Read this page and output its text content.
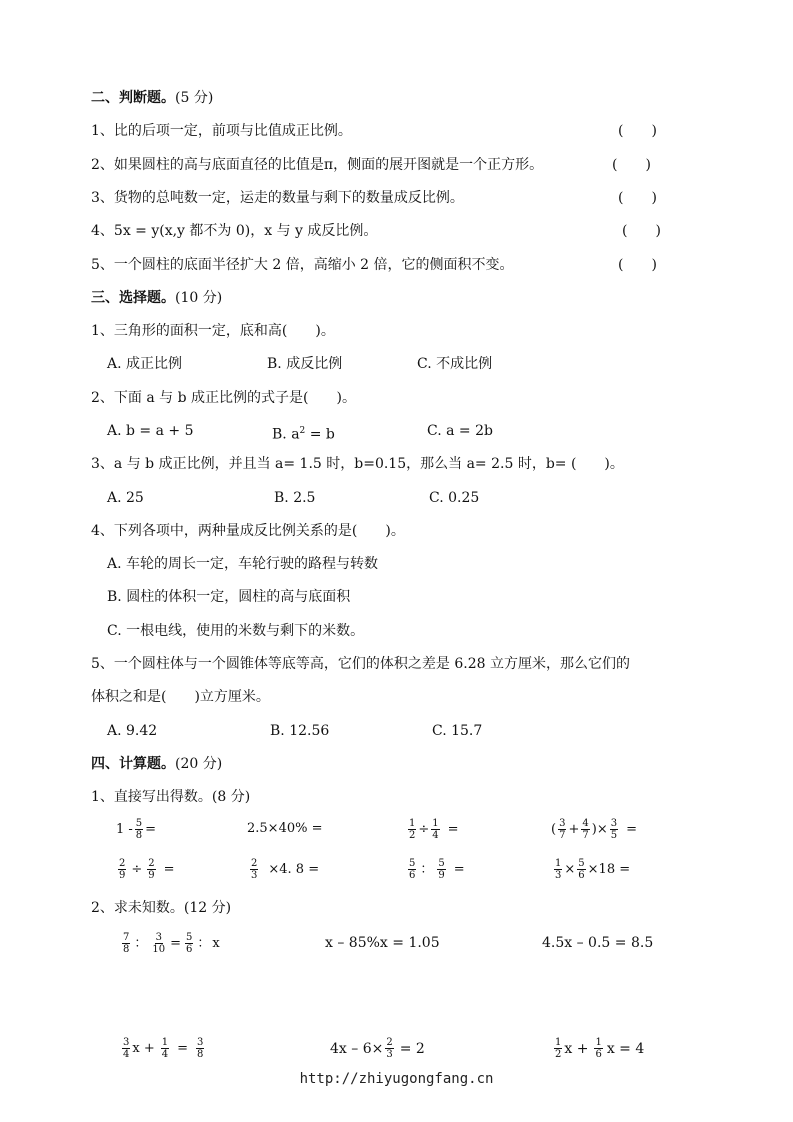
二、判断题。(5 分)
1、比的后项一定，前项与比值成正比例。	(　　)
2、如果圆柱的高与底面直径的比值是π，侧面的展开图就是一个正方形。	(　　)
3、货物的总吨数一定，运走的数量与剩下的数量成反比例。	(　　)
4、5x = y(x,y 都不为 0)，x 与 y 成反比例。	(　　)
5、一个圆柱的底面半径扩大 2 倍，高缩小 2 倍，它的侧面积不变。	(　　)
三、选择题。(10 分)
1、三角形的面积一定，底和高(　　)。
A. 成正比例	B. 成反比例	C. 不成比例
2、下面 a 与 b 成正比例的式子是(　　)。
A. b = a + 5	B. $a^2 = b$	C. a = 2b
3、a 与 b 成正比例，并且当 a= 1.5 时，b=0.15，那么当 a= 2.5 时，b= (　　)。
A. 25	B. 2.5	C. 0.25
4、下列各项中，两种量成反比例关系的是(　　)。
A. 车轮的周长一定，车轮行驶的路程与转数
B. 圆柱的体积一定，圆柱的高与底面积
C. 一根电线，使用的米数与剩下的米数。
5、一个圆柱体与一个圆锥体等底等高，它们的体积之差是 6.28 立方厘米，那么它们的
体积之和是(　　)立方厘米。
A. 9.42	B. 12.56	C. 15.7
四、计算题。(20 分)
1、直接写出得数。(8 分)
$1 - \frac{5}{8}$ =	2.5×40% =	$\frac{1}{2} \div \frac{1}{4}$ =	( $\frac{3}{7} + \frac{4}{7}$ ) × $\frac{3}{5}$ =
$\frac{2}{9} \div \frac{2}{9}$ =	$\frac{2}{3} \times 4$. 8 =	$\frac{5}{6}$ ： $\frac{5}{9}$ =	$\frac{1}{3} \times \frac{5}{6} \times 18$ =
2、求未知数。(12 分)
$\frac{7}{8}$ ： $\frac{3}{10} = \frac{5}{6}$ ： x	x – 85%x = 1.05	4.5x – 0.5 = 8.5
$\frac{3}{4}$ $x + \frac{1}{4} = \frac{3}{8}$	$4x - 6\times \frac{2}{3} = 2$	$\frac{1}{2}$ $x + \frac{1}{6}$ x = 4
http://zhiyugongfang.cn
